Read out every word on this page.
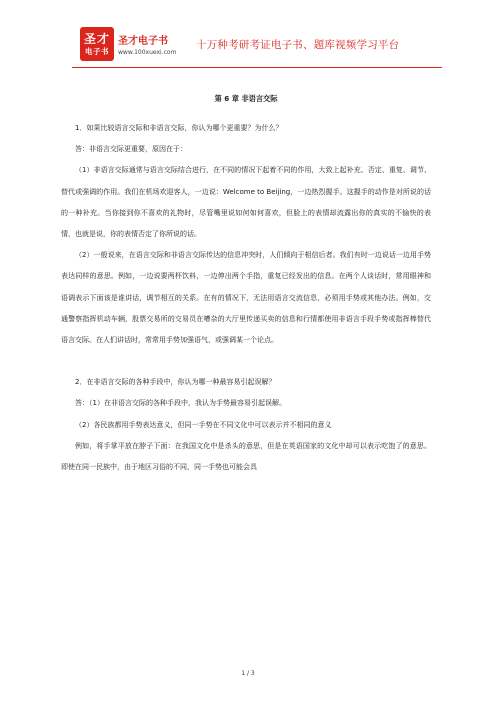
圣才
电子书
圣才电子书
www.100xuexi.com
十万种考研考证电子书、题库视频学习平台
第 6 章 非语言交际

1．如果比较语言交际和非语言交际，你认为哪个更重要？为什么？

答：非语言交际更重要，原因在于：

（1）非语言交际通常与语言交际结合进行，在不同的情况下起着不同的作用，大致上起补充、否定、重复、调节、替代或强调的作用。我们在机场欢迎客人，一边说：Welcome to Beijing，一边热烈握手。这握手的动作是对所说的话的一种补充。当你接到你不喜欢的礼物时，尽管嘴里说如何如何喜欢，但脸上的表情却流露出你的真实的不愉快的表情，也就是说，你的表情否定了你所说的话。

（2）一般说来，在语言交际和非语言交际传达的信息冲突时，人们倾向于相信后者。我们有时一边说话一边用手势表达同样的意思。例如，一边说要两杯饮料，一边伸出两个手指，重复已经发出的信息。在两个人谈话时，常用眼神和语调表示下面该是谁讲话，调节相互的关系。在有的情况下，无法用语言交流信息，必须用手势或其他办法。例如，交通警察指挥机动车辆，股票交易所的交易员在嘈杂的大厅里传递买卖的信息和行情都使用非语言手段手势或指挥棒替代语言交际。在人们讲话时，常常用手势加强语气，或强调某一个论点。

2．在非语言交际的各种手段中，你认为哪一种最容易引起误解？

答：（1）在非语言交际的各种手段中，我认为手势最容易引起误解。

（2）各民族都用手势表达意义，但同一手势在不同文化中可以表示并不相同的意义

例如，将手掌平放在脖子下面：在我国文化中是杀头的意思，但是在英语国家的文化中却可以表示吃饱了的意思。即使在同一民族中，由于地区习俗的不同，同一手势也可能会具

1 / 3
